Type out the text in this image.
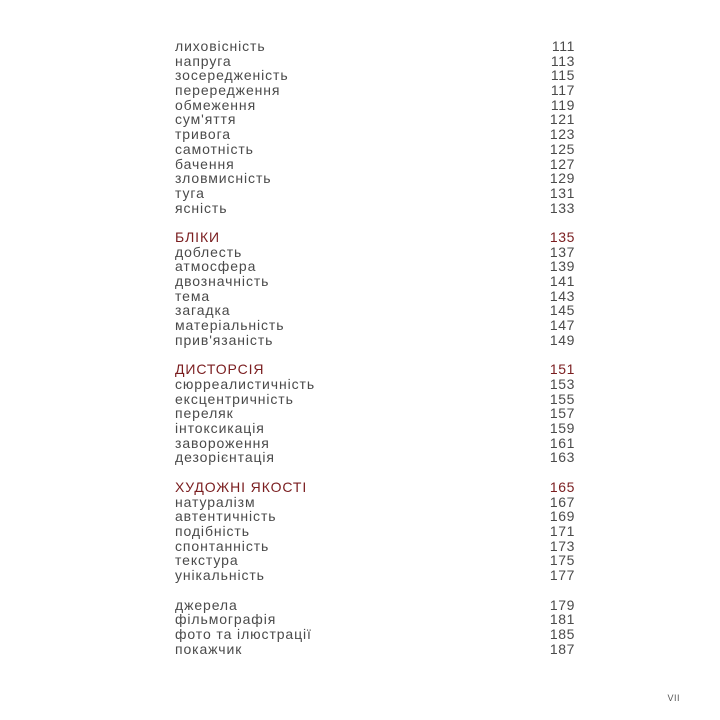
лиховісність	111
напруга	113
зосередженість	115
перередження	117
обмеження	119
сум'яття	121
тривога	123
самотність	125
бачення	127
зловмисність	129
туга	131
ясність	133
БЛІКИ	135
доблесть	137
атмосфера	139
двозначність	141
тема	143
загадка	145
матеріальність	147
прив'язаність	149
ДИСТОРСІЯ	151
сюрреалистичність	153
ексцентричність	155
переляк	157
інтоксикація	159
завороження	161
дезорієнтація	163
ХУДОЖНІ ЯКОСТІ	165
натуралізм	167
автентичність	169
подібність	171
спонтанність	173
текстура	175
унікальність	177
джерела	179
фільмографія	181
фото та ілюстрації	185
покажчик	187
VII
